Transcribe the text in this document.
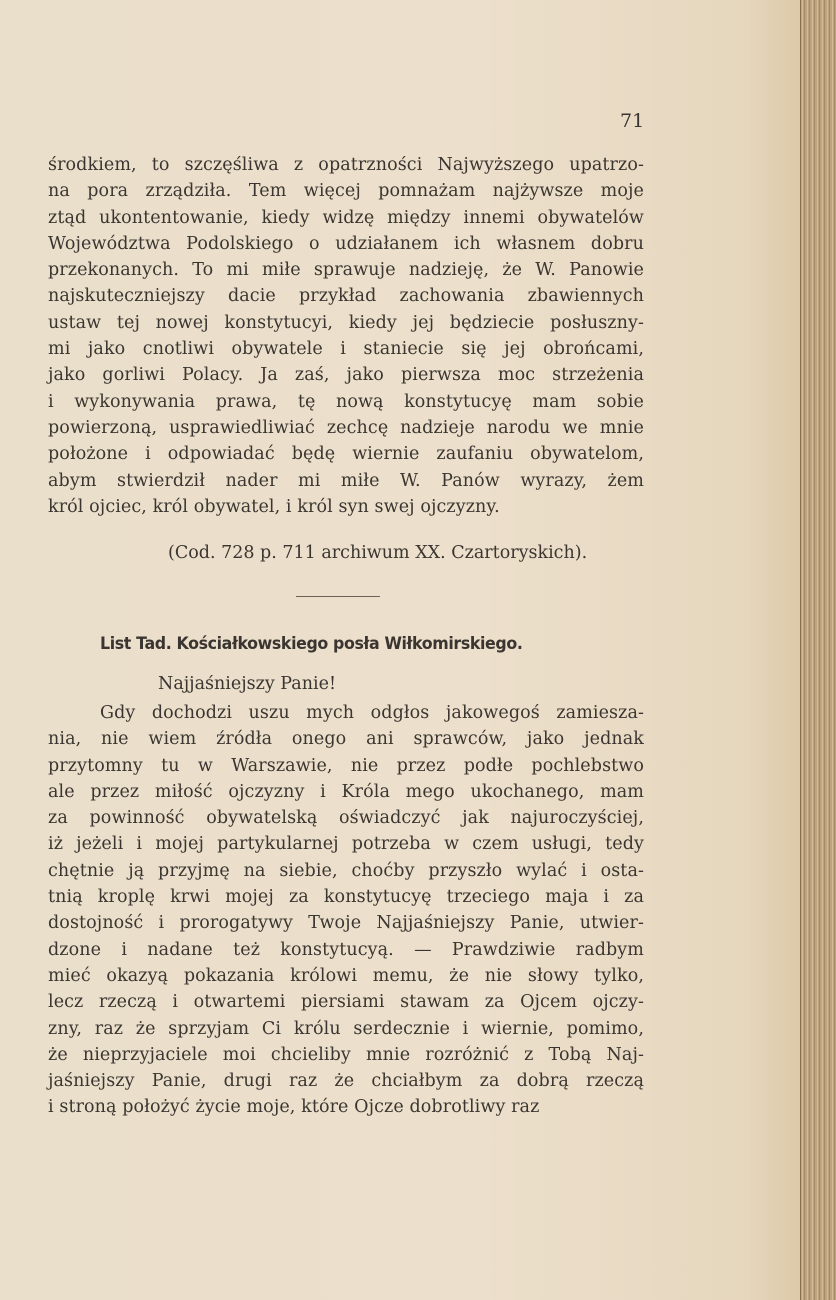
71
środkiem, to szczęśliwa z opatrzności Najwyższego upatrzo-
na pora zrządziła. Tem więcej pomnażam najżywsze moje
ztąd ukontentowanie, kiedy widzę między innemi obywatelów
Województwa Podolskiego o udziałanem ich własnem dobru
przekonanych. To mi miłe sprawuje nadzieję, że W. Panowie
najskuteczniejszy dacie przykład zachowania zbawiennych
ustaw tej nowej konstytucyi, kiedy jej będziecie posłuszny-
mi jako cnotliwi obywatele i staniecie się jej obrońcami,
jako gorliwi Polacy. Ja zaś, jako pierwsza moc strzeżenia
i wykonywania prawa, tę nową konstytucyę mam sobie
powierzoną, usprawiedliwiać zechcę nadzieje narodu we mnie
położone i odpowiadać będę wiernie zaufaniu obywatelom,
abym stwierdził nader mi miłe W. Panów wyrazy, żem
król ojciec, król obywatel, i król syn swej ojczyzny.
(Cod. 728 p. 711 archiwum XX. Czartoryskich).
List Tad. Kościałkowskiego posła Wiłkomirskiego.
Najjaśniejszy Panie!
Gdy dochodzi uszu mych odgłos jakowegoś zamiesza-
nia, nie wiem źródła onego ani sprawców, jako jednak
przytomny tu w Warszawie, nie przez podłe pochlebstwo
ale przez miłość ojczyzny i Króla mego ukochanego, mam
za powinność obywatelską oświadczyć jak najuroczyściej,
iż jeżeli i mojej partykularnej potrzeba w czem usługi, tedy
chętnie ją przyjmę na siebie, choćby przyszło wylać i osta-
tnią kroplę krwi mojej za konstytucyę trzeciego maja i za
dostojność i prorogatywy Twoje Najjaśniejszy Panie, utwier-
dzone i nadane też konstytucyą. — Prawdziwie radbym
mieć okazyą pokazania królowi memu, że nie słowy tylko,
lecz rzeczą i otwartemi piersiami stawam za Ojcem ojczy-
zny, raz że sprzyjam Ci królu serdecznie i wiernie, pomimo,
że nieprzyjaciele moi chcieliby mnie rozróżnić z Tobą Naj-
jaśniejszy Panie, drugi raz że chciałbym za dobrą rzeczą
i stroną położyć życie moje, które Ojcze dobrotliwy raz
